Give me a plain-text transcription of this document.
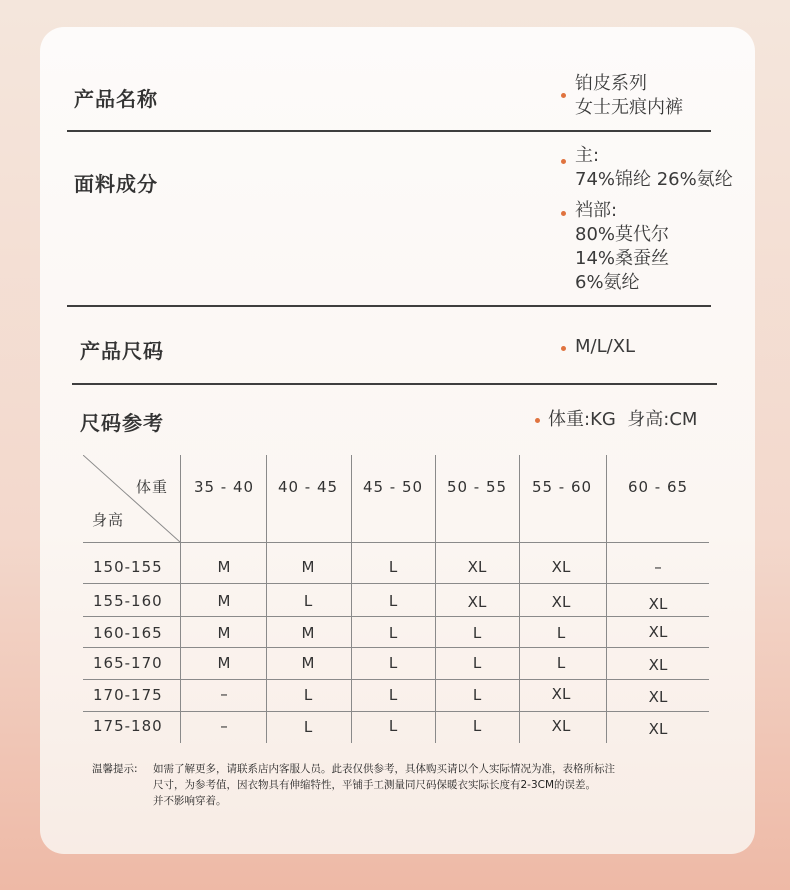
产品名称
铂皮系列
女士无痕内裤
面料成分
主:
74%锦纶 26%氨纶
裆部:
80%莫代尔
14%桑蚕丝
6%氨纶
产品尺码	M/L/XL
尺码参考	体重:KG  身高:CM
体重
身高
35 - 40	40 - 45	45 - 50	50 - 55	55 - 60	60 - 65
150-155	M	M	L	XL	XL	–
155-160	M	L	L	XL	XL	XL
160-165	M	M	L	L	L	XL
165-170	M	M	L	L	L	XL
170-175	–	L	L	L	XL	XL
175-180	–	L	L	L	XL	XL
温馨提示: 如需了解更多，请联系店内客服人员。此表仅供参考，具体购买请以个人实际情况为准，表格所标注
尺寸，为参考值，因衣物具有伸缩特性，平铺手工测量同尺码保暖衣实际长度有2-3CM的误差。
并不影响穿着。
